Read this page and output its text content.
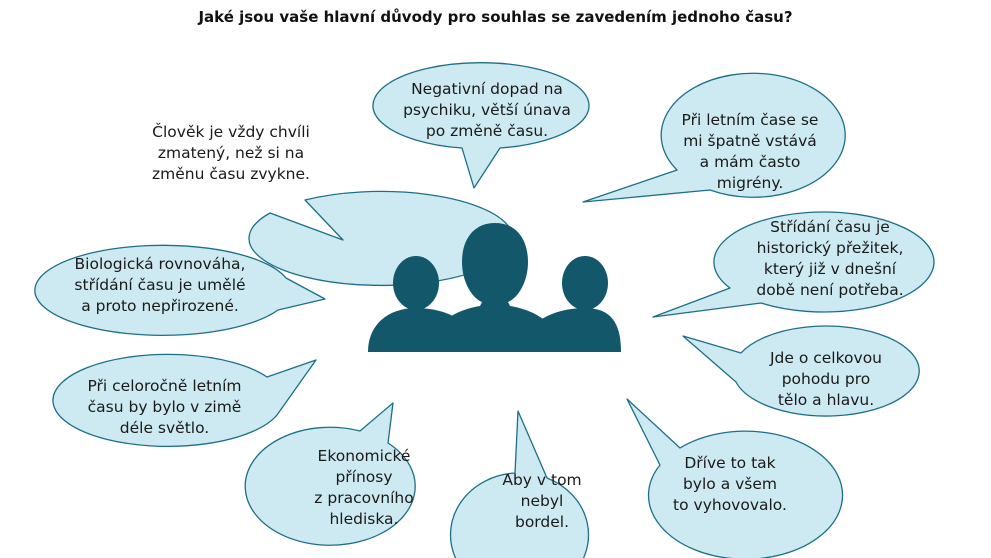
Jaké jsou vaše hlavní důvody pro souhlas se zavedením jednoho času?
Negativní dopad na
psychiku, větší únava
po změně času.
Při letním čase se
mi špatně vstává
a mám často
migrény.
Člověk je vždy chvíli
zmatený, než si na
změnu času zvykne.
Střídání času je
historický přežitek,
který již v dnešní
době není potřeba.
Biologická rovnováha,
střídání času je umělé
a proto nepřirozené.
Jde o celkovou
pohodu pro
tělo a hlavu.
Při celoročně letním
času by bylo v zimě
déle světlo.
Ekonomické
přínosy
z pracovního
hlediska.
Aby v tom
nebyl
bordel.
Dříve to tak
bylo a všem
to vyhovovalo.
